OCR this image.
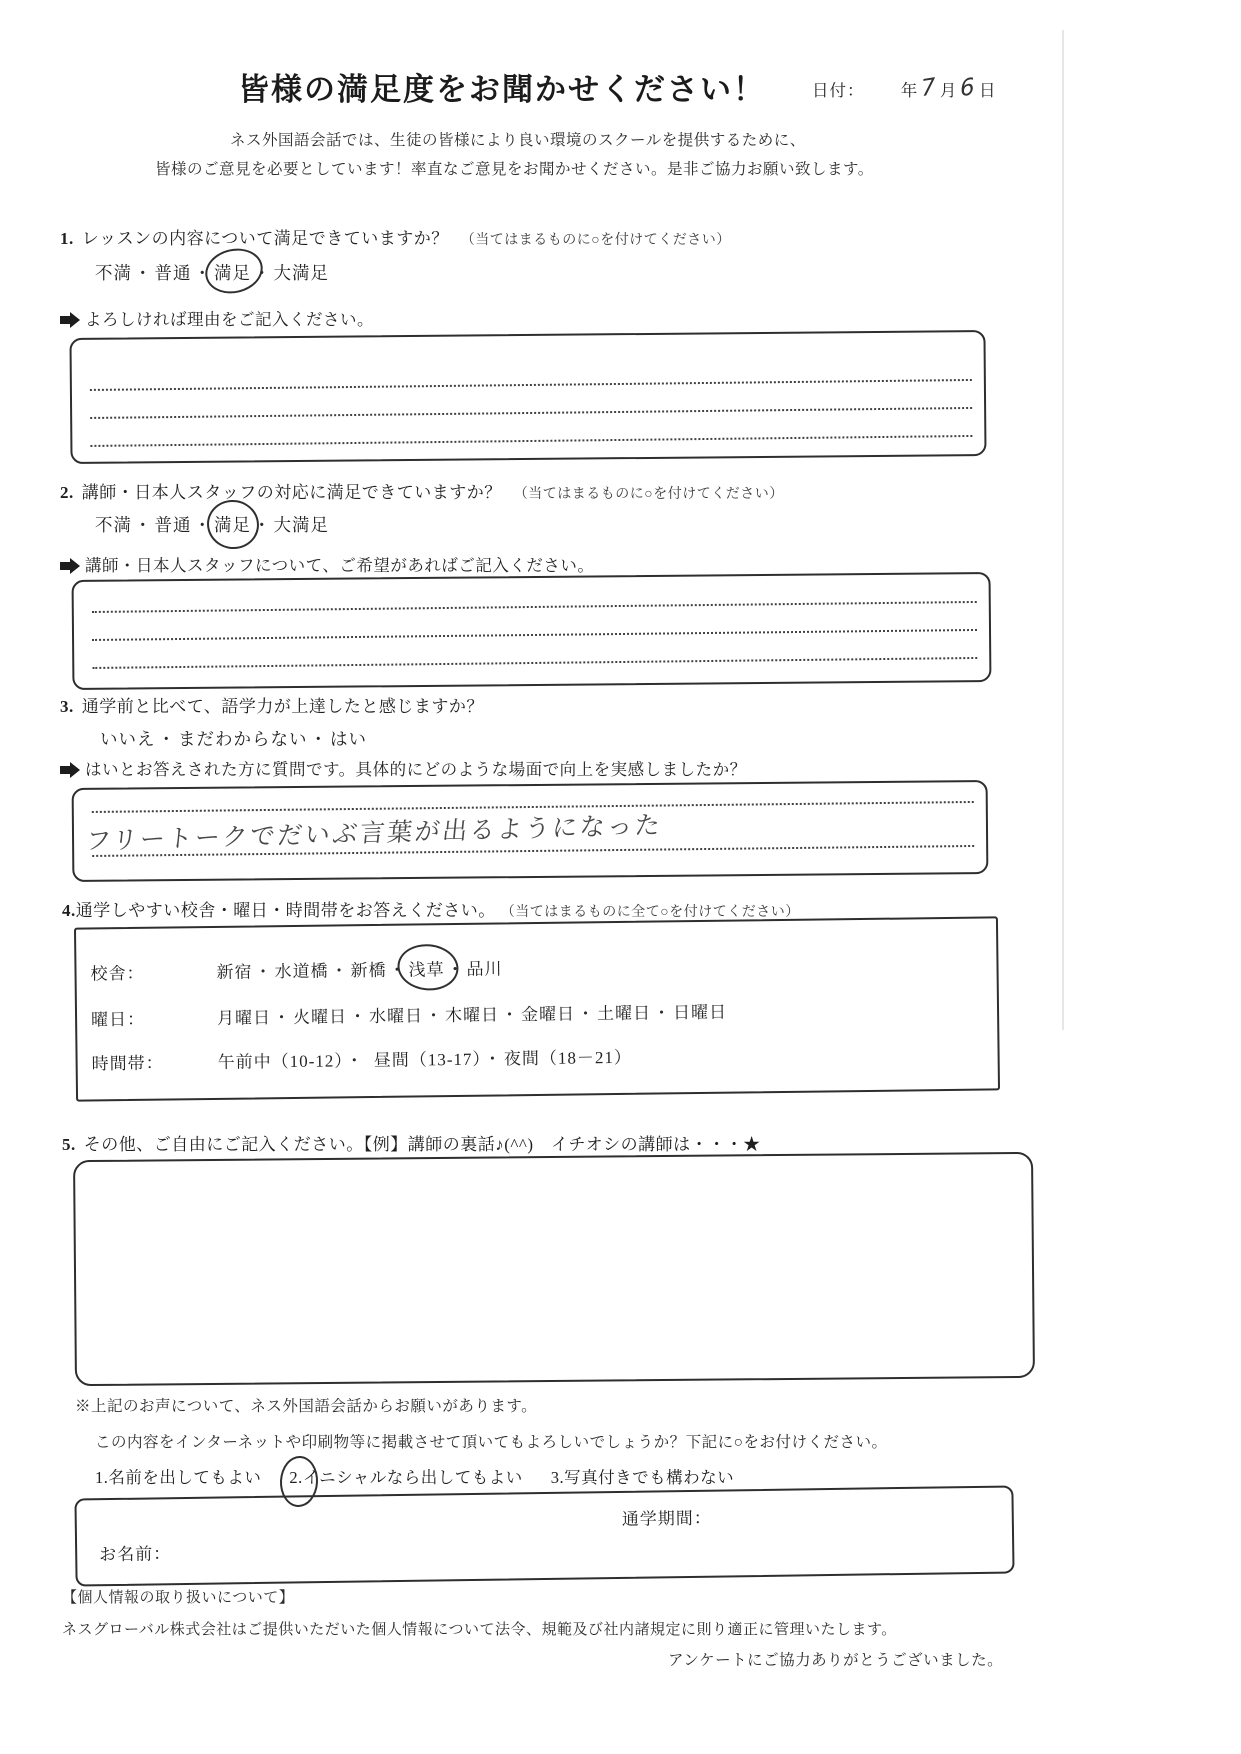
皆様の満足度をお聞かせください！	日付： 年 7 月 6 日
ネス外国語会話では、生徒の皆様により良い環境のスクールを提供するために、
皆様のご意見を必要としています！率直なご意見をお聞かせください。是非ご協力お願い致します。
1. レッスンの内容について満足できていますか？ （当てはまるものに○を付けてください）
不満 ・ 普通 ・ 満足 ・ 大満足
よろしければ理由をご記入ください。
2. 講師・日本人スタッフの対応に満足できていますか？ （当てはまるものに○を付けてください）
不満 ・ 普通 ・ 満足 ・ 大満足
講師・日本人スタッフについて、ご希望があればご記入ください。
3. 通学前と比べて、語学力が上達したと感じますか？
いいえ ・ まだわからない ・ はい
はいとお答えされた方に質問です。具体的にどのような場面で向上を実感しましたか？
フリートークでだいぶ言葉が出るようになった
4.通学しやすい校舎・曜日・時間帯をお答えください。 （当てはまるものに全て○を付けてください）
校舎：	新宿 ・ 水道橋 ・ 新橋 ・ 浅草 ・ 品川
曜日：	月曜日 ・ 火曜日 ・ 水曜日 ・ 木曜日 ・ 金曜日 ・ 土曜日 ・ 日曜日
時間帯：	午前中（10-12） ・ 昼間（13-17） ・ 夜間（18－21）
5. その他、ご自由にご記入ください。【例】講師の裏話♪(^^)　イチオシの講師は・・・★
※上記のお声について、ネス外国語会話からお願いがあります。
この内容をインターネットや印刷物等に掲載させて頂いてもよろしいでしょうか？下記に○をお付けください。
1.名前を出してもよい 2.
イニシャルなら出してもよい 3.写真付きでも構わない
通学期間：
お名前：
【個人情報の取り扱いについて】
ネスグローバル株式会社はご提供いただいた個人情報について法令、規範及び社内諸規定に則り適正に管理いたします。
アンケートにご協力ありがとうございました。
